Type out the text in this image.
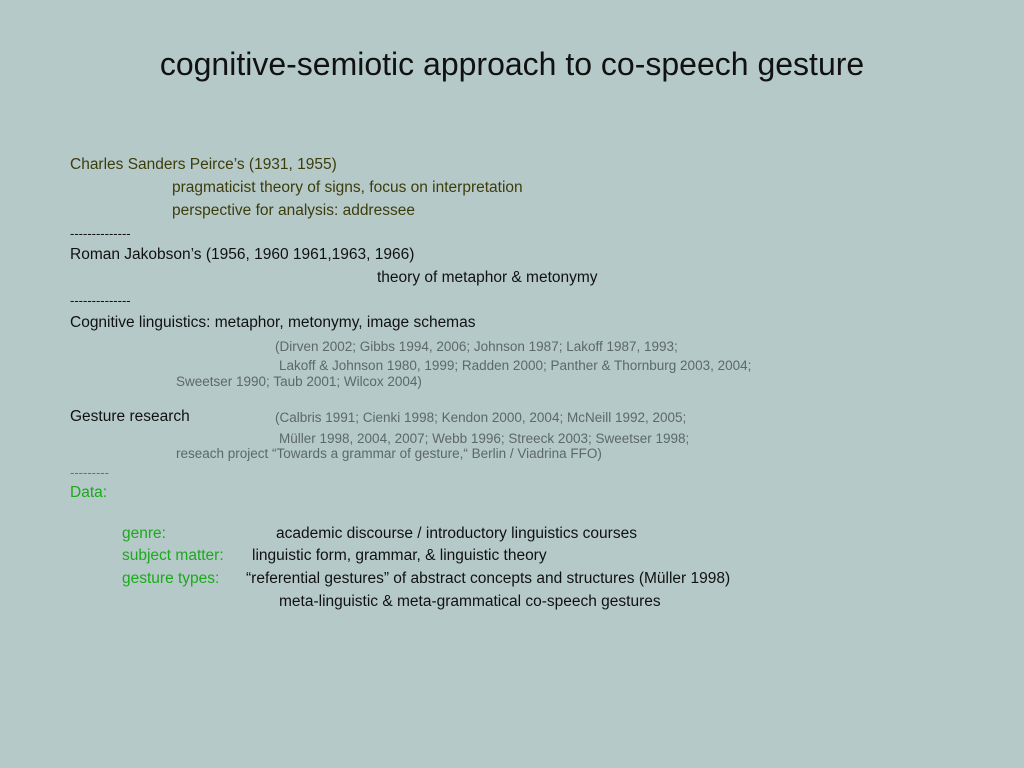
cognitive-semiotic approach to co-speech gesture

Charles Sanders Peirce’s (1931, 1955)

pragmaticist theory of signs, focus on interpretation

perspective for analysis: addressee

--------------

Roman Jakobson’s (1956, 1960 1961,1963, 1966)

theory of metaphor & metonymy

--------------

Cognitive linguistics: metaphor, metonymy, image schemas

(Dirven 2002; Gibbs 1994, 2006; Johnson 1987; Lakoff 1987, 1993;

Lakoff & Johnson 1980, 1999; Radden 2000; Panther & Thornburg 2003, 2004;

Sweetser 1990; Taub 2001; Wilcox 2004)

Gesture research	(Calbris 1991; Cienki 1998; Kendon 2000, 2004; McNeill 1992, 2005;

Müller 1998, 2004, 2007; Webb 1996; Streeck 2003; Sweetser 1998;

reseach project “Towards a grammar of gesture,“ Berlin / Viadrina FFO)

---------

Data:

genre:	academic discourse / introductory linguistics courses

subject matter: linguistic form, grammar, & linguistic theory

gesture types: “referential gestures” of abstract concepts and structures (Müller 1998)

meta-linguistic & meta-grammatical co-speech gestures
